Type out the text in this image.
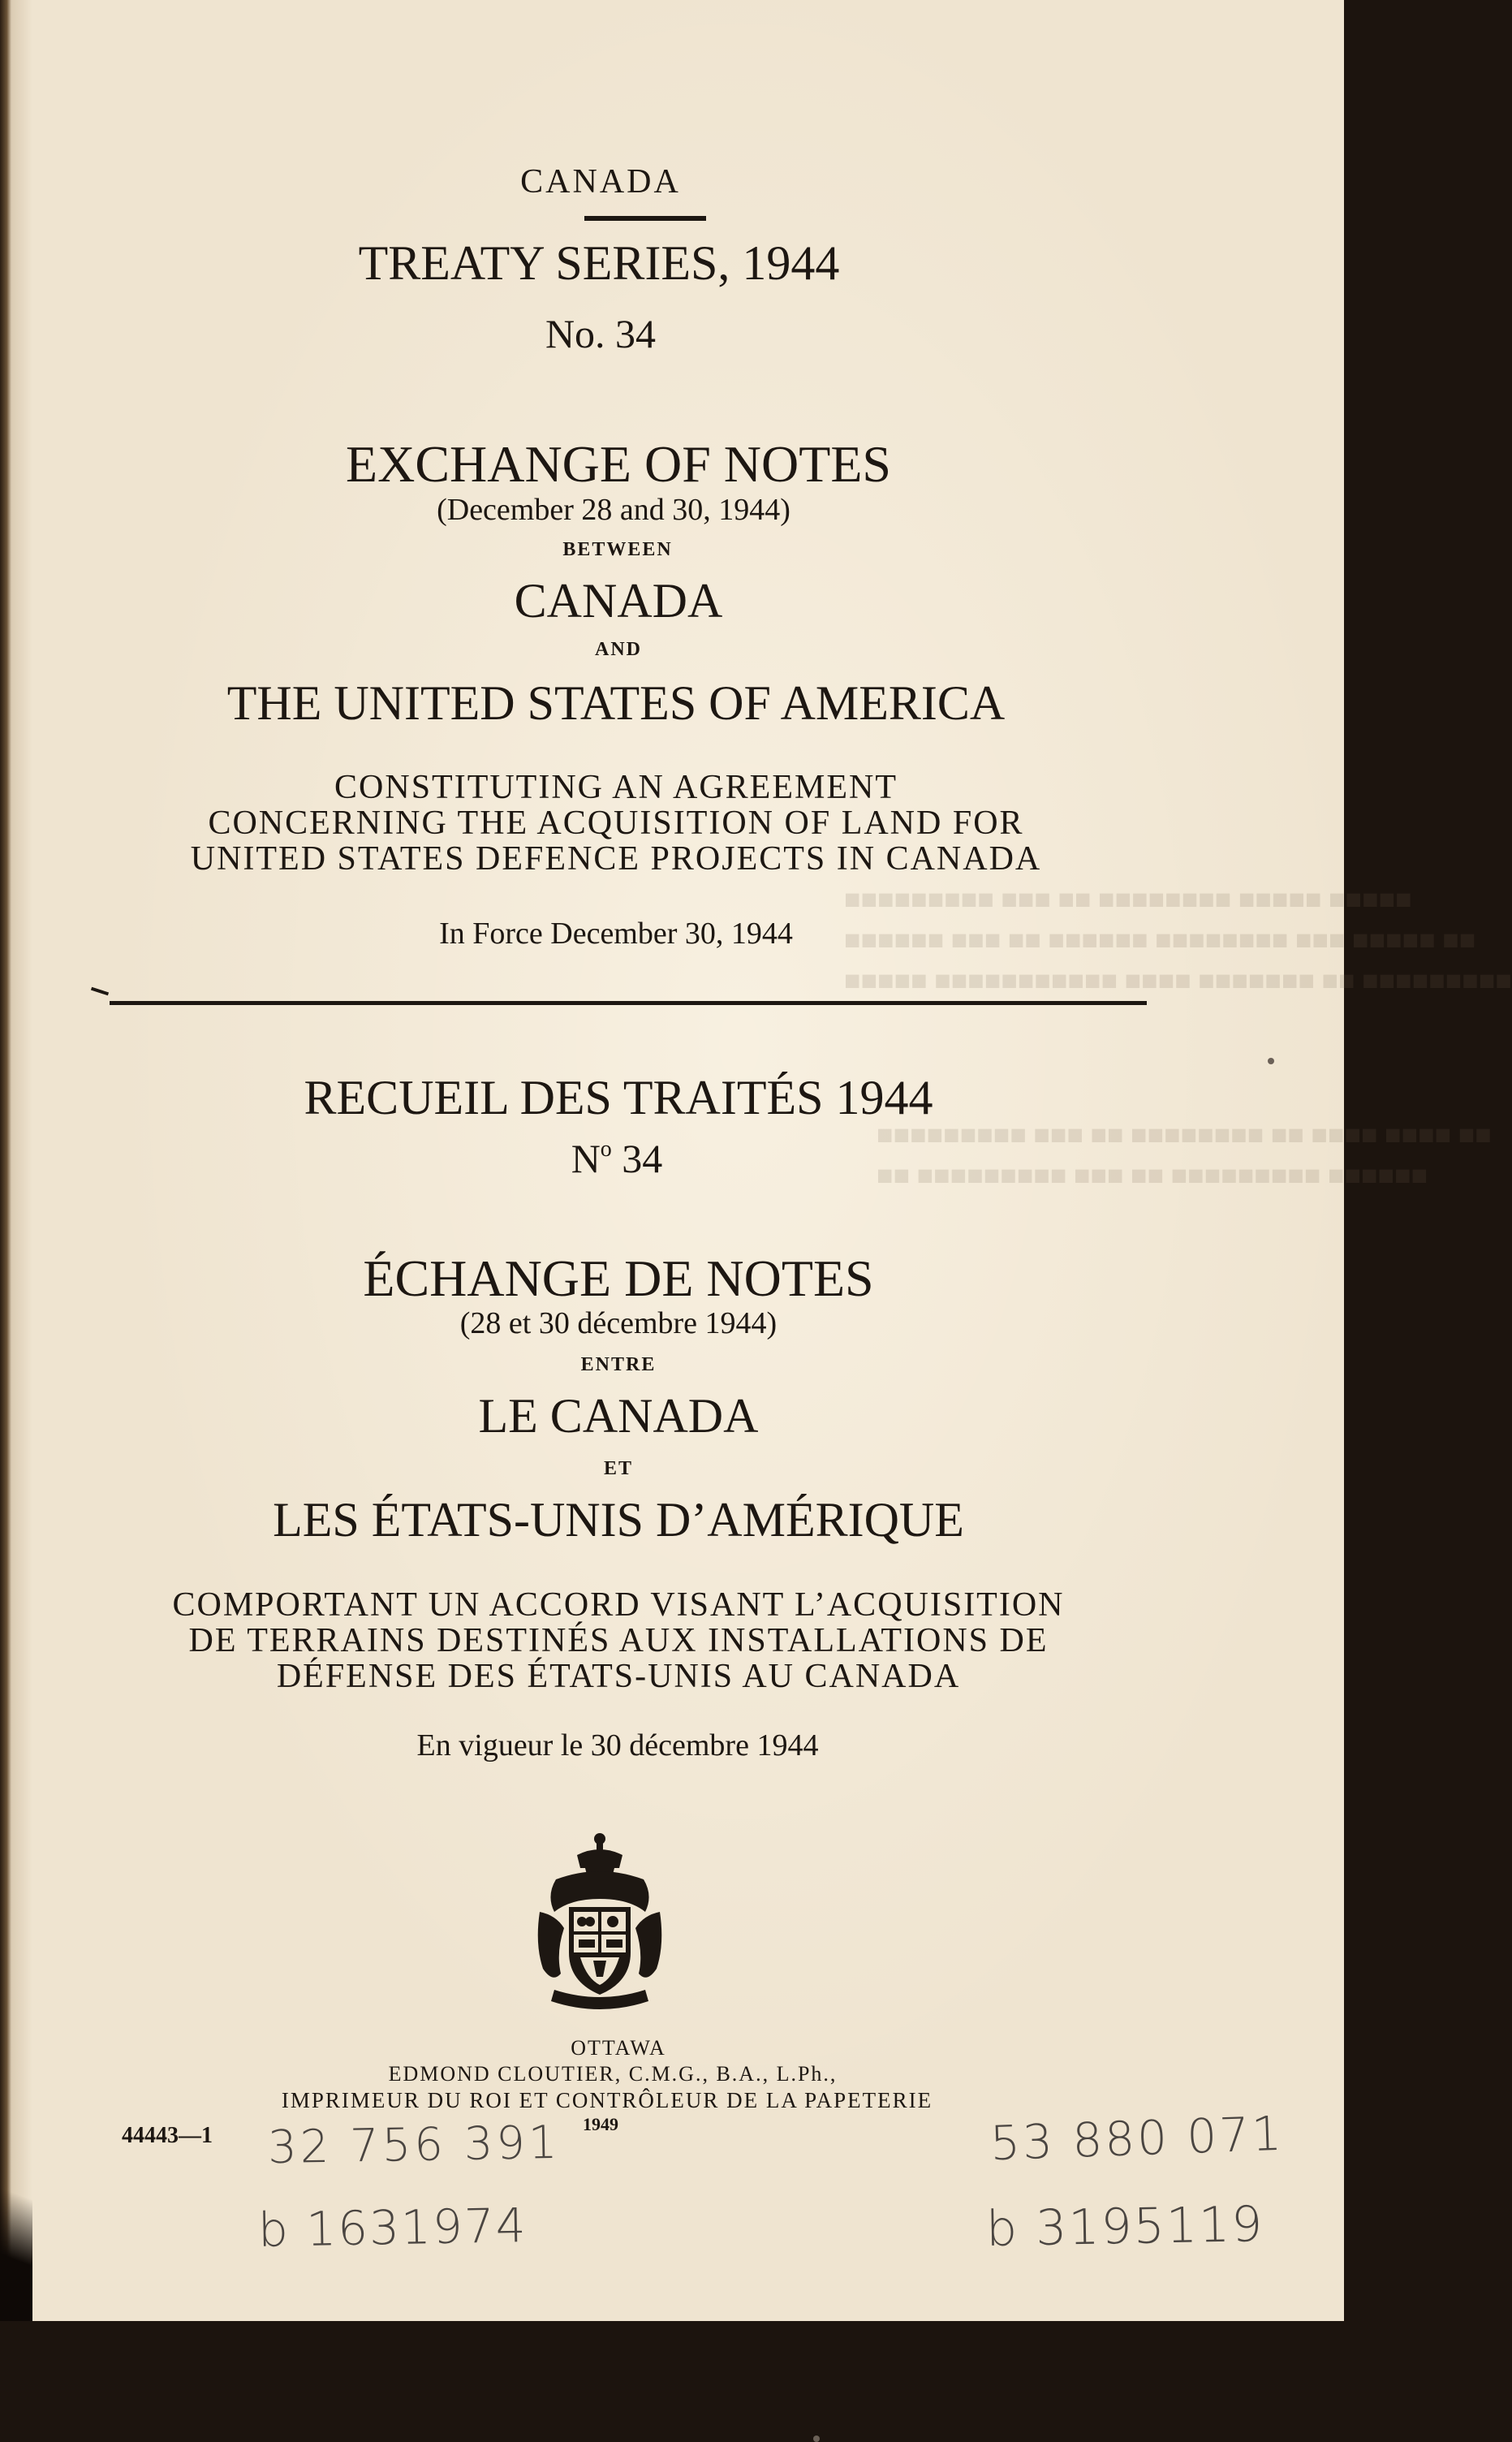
■■■■■ ■■■■■ ■■■■■■■■ ■■ ■■■ ■■■■■■■■■
■■ ■■■■■ ■■■ ■■■■■■■■ ■■■■■■ ■■ ■■■ ■■■■■■
■■■■■■■■■ ■■ ■■■■■■■ ■■■■ ■■■■■■■■■■■ ■■■■■
■■ ■■■■ ■■■■ ■■ ■■■■■■■■ ■■ ■■■ ■■■■■■■■■
■■■■■■ ■■■■■■■■■ ■■ ■■■ ■■■■■■■■■ ■■
CANADA
TREATY SERIES, 1944
No. 34
EXCHANGE OF NOTES
(December 28 and 30, 1944)
BETWEEN
CANADA
AND
THE UNITED STATES OF AMERICA
CONSTITUTING AN AGREEMENT
CONCERNING THE ACQUISITION OF LAND FOR
UNITED STATES DEFENCE PROJECTS IN CANADA
In Force December 30, 1944
RECUEIL DES TRAITÉS 1944
$N^o$ 34
ÉCHANGE DE NOTES
(28 et 30 décembre 1944)
ENTRE
LE CANADA
ET
LES ÉTATS-UNIS D’AMÉRIQUE
COMPORTANT UN ACCORD VISANT L’ACQUISITION
DE TERRAINS DESTINÉS AUX INSTALLATIONS DE
DÉFENSE DES ÉTATS-UNIS AU CANADA
En vigueur le 30 décembre 1944
OTTAWA
EDMOND CLOUTIER, C.M.G., B.A., L.Ph.,
IMPRIMEUR DU ROI ET CONTRÔLEUR DE LA PAPETERIE
1949
44443—1 32 756 391
b 1631974
53 880 071
b 3195119
